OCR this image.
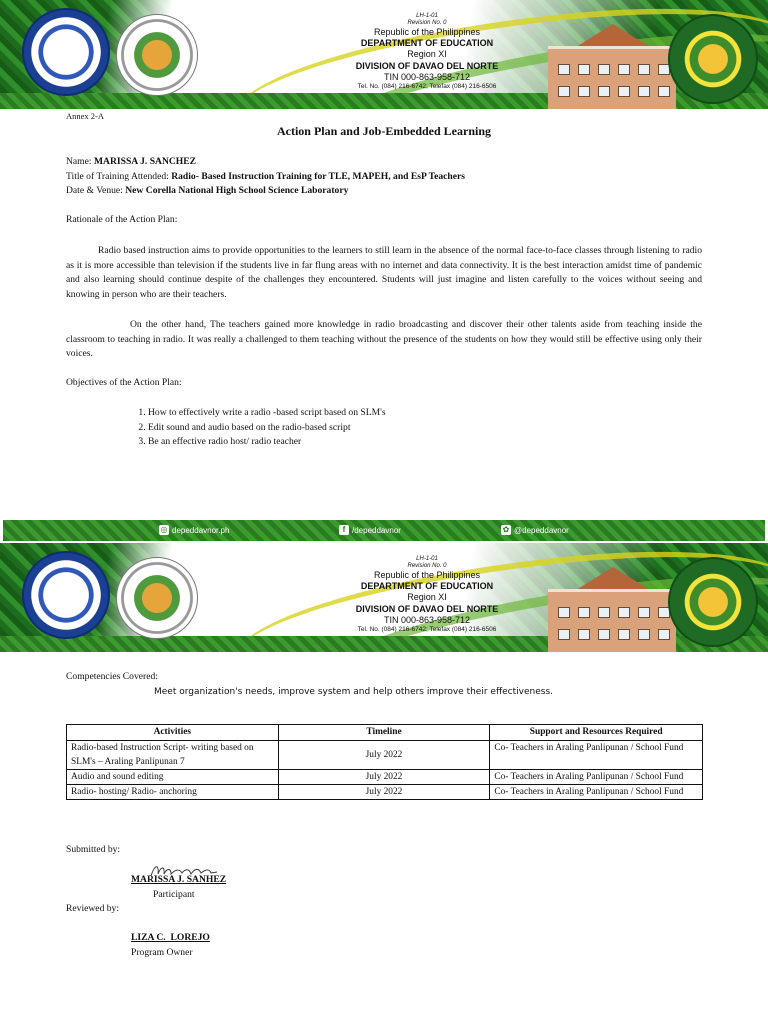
LH-1-01
Revision No. 0
Republic of the Philippines
DEPARTMENT OF EDUCATION
Region XI
DIVISION OF DAVAO DEL NORTE
TIN 000-863-958-712
Tel. No. (084) 216-6742; Telefax (084) 216-6506
Annex 2-A
Action Plan and Job-Embedded Learning
Name: MARISSA J. SANCHEZ
Title of Training Attended: Radio- Based Instruction Training for TLE, MAPEH, and EsP Teachers
Date & Venue: New Corella National High School Science Laboratory
Rationale of the Action Plan:
Radio based instruction aims to provide opportunities to the learners to still learn in the absence of the normal face-to-face classes through listening to radio as it is more accessible than television if the students live in far flung areas with no internet and data connectivity. It is the best interaction amidst time of pandemic and also learning should continue despite of the challenges they encountered. Students will just imagine and listen carefully to the voices without seeing and knowing in person who are their teachers.
On the other hand, The teachers gained more knowledge in radio broadcasting and discover their other talents aside from teaching inside the classroom to teaching in radio. It was really a challenged to them teaching without the presence of the students on how they would still be effective using only their voices.
Objectives of the Action Plan:
1. How to effectively write a radio -based script based on SLM's
2. Edit sound and audio based on the radio-based script
3. Be an effective radio host/ radio teacher
◎ depeddavnor.ph	f /depeddavnor	✿ @depeddavnor
LH-1-01
Revision No. 0
Republic of the Philippines
DEPARTMENT OF EDUCATION
Region XI
DIVISION OF DAVAO DEL NORTE
TIN 000-863-958-712
Tel. No. (084) 216-6742; Telefax (084) 216-6506
Competencies Covered:
Meet organization's needs, improve system and help others improve their effectiveness.
Activities	Timeline	Support and Resources Required
Radio-based Instruction Script- writing based on SLM's – Araling Panlipunan 7	July 2022	Co- Teachers in Araling Panlipunan / School Fund
Audio and sound editing	July 2022	Co- Teachers in Araling Panlipunan / School Fund
Radio- hosting/ Radio- anchoring	July 2022	Co- Teachers in Araling Panlipunan / School Fund
Submitted by:
MARISSA J. SANHEZ
Participant
Reviewed by:
LIZA C.  LOREJO
Program Owner
